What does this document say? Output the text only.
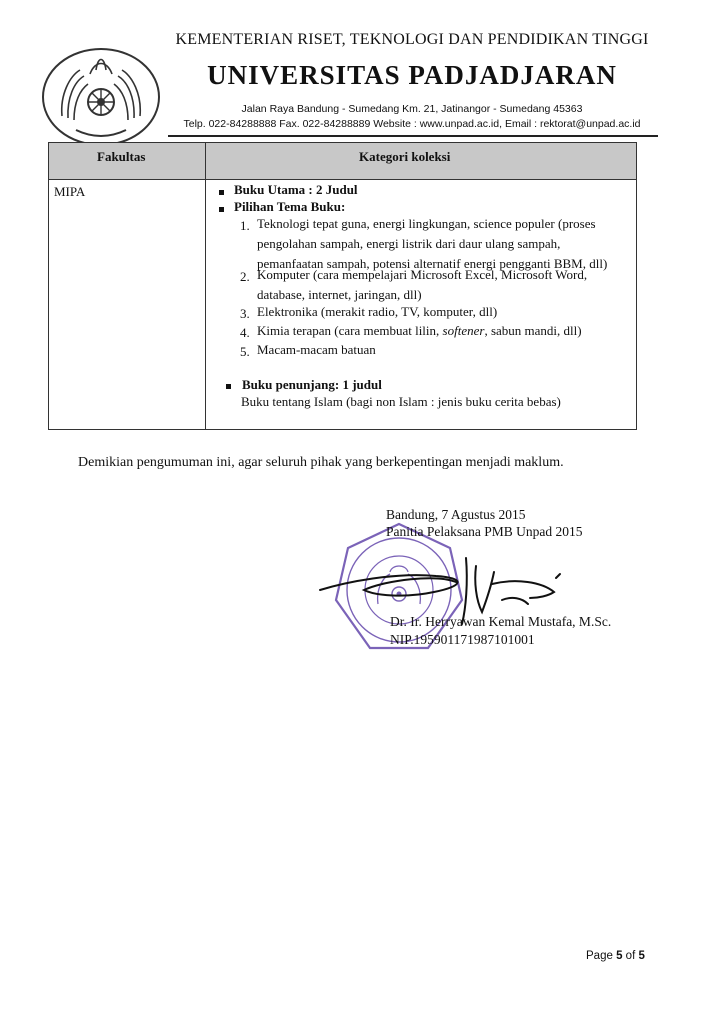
KEMENTERIAN RISET, TEKNOLOGI DAN PENDIDIKAN TINGGI
UNIVERSITAS PADJADJARAN
Jalan Raya Bandung - Sumedang Km. 21, Jatinangor - Sumedang 45363
Telp. 022-84288888 Fax. 022-84288889 Website : www.unpad.ac.id, Email : rektorat@unpad.ac.id
Fakultas	Kategori koleksi
MIPA	Buku Utama : 2 Judul
Pilihan Tema Buku:
1. Teknologi tepat guna, energi lingkungan, science populer (proses
pengolahan sampah, energi listrik dari daur ulang sampah,
pemanfaatan sampah, potensi alternatif energi pengganti BBM, dll)
2. Komputer (cara mempelajari Microsoft Excel, Microsoft Word,
database, internet, jaringan, dll)
3. Elektronika (merakit radio, TV, komputer, dll)
4. Kimia terapan (cara membuat lilin, softener, sabun mandi, dll)
5. Macam-macam batuan
Buku penunjang: 1 judul
Buku tentang Islam (bagi non Islam : jenis buku cerita bebas)
Demikian pengumuman ini, agar seluruh pihak yang berkepentingan menjadi maklum.
Bandung, 7 Agustus 2015
Panitia Pelaksana PMB Unpad 2015
Dr. Ir. Herryawan Kemal Mustafa, M.Sc.
NIP.195901171987101001
Page 5 of 5
